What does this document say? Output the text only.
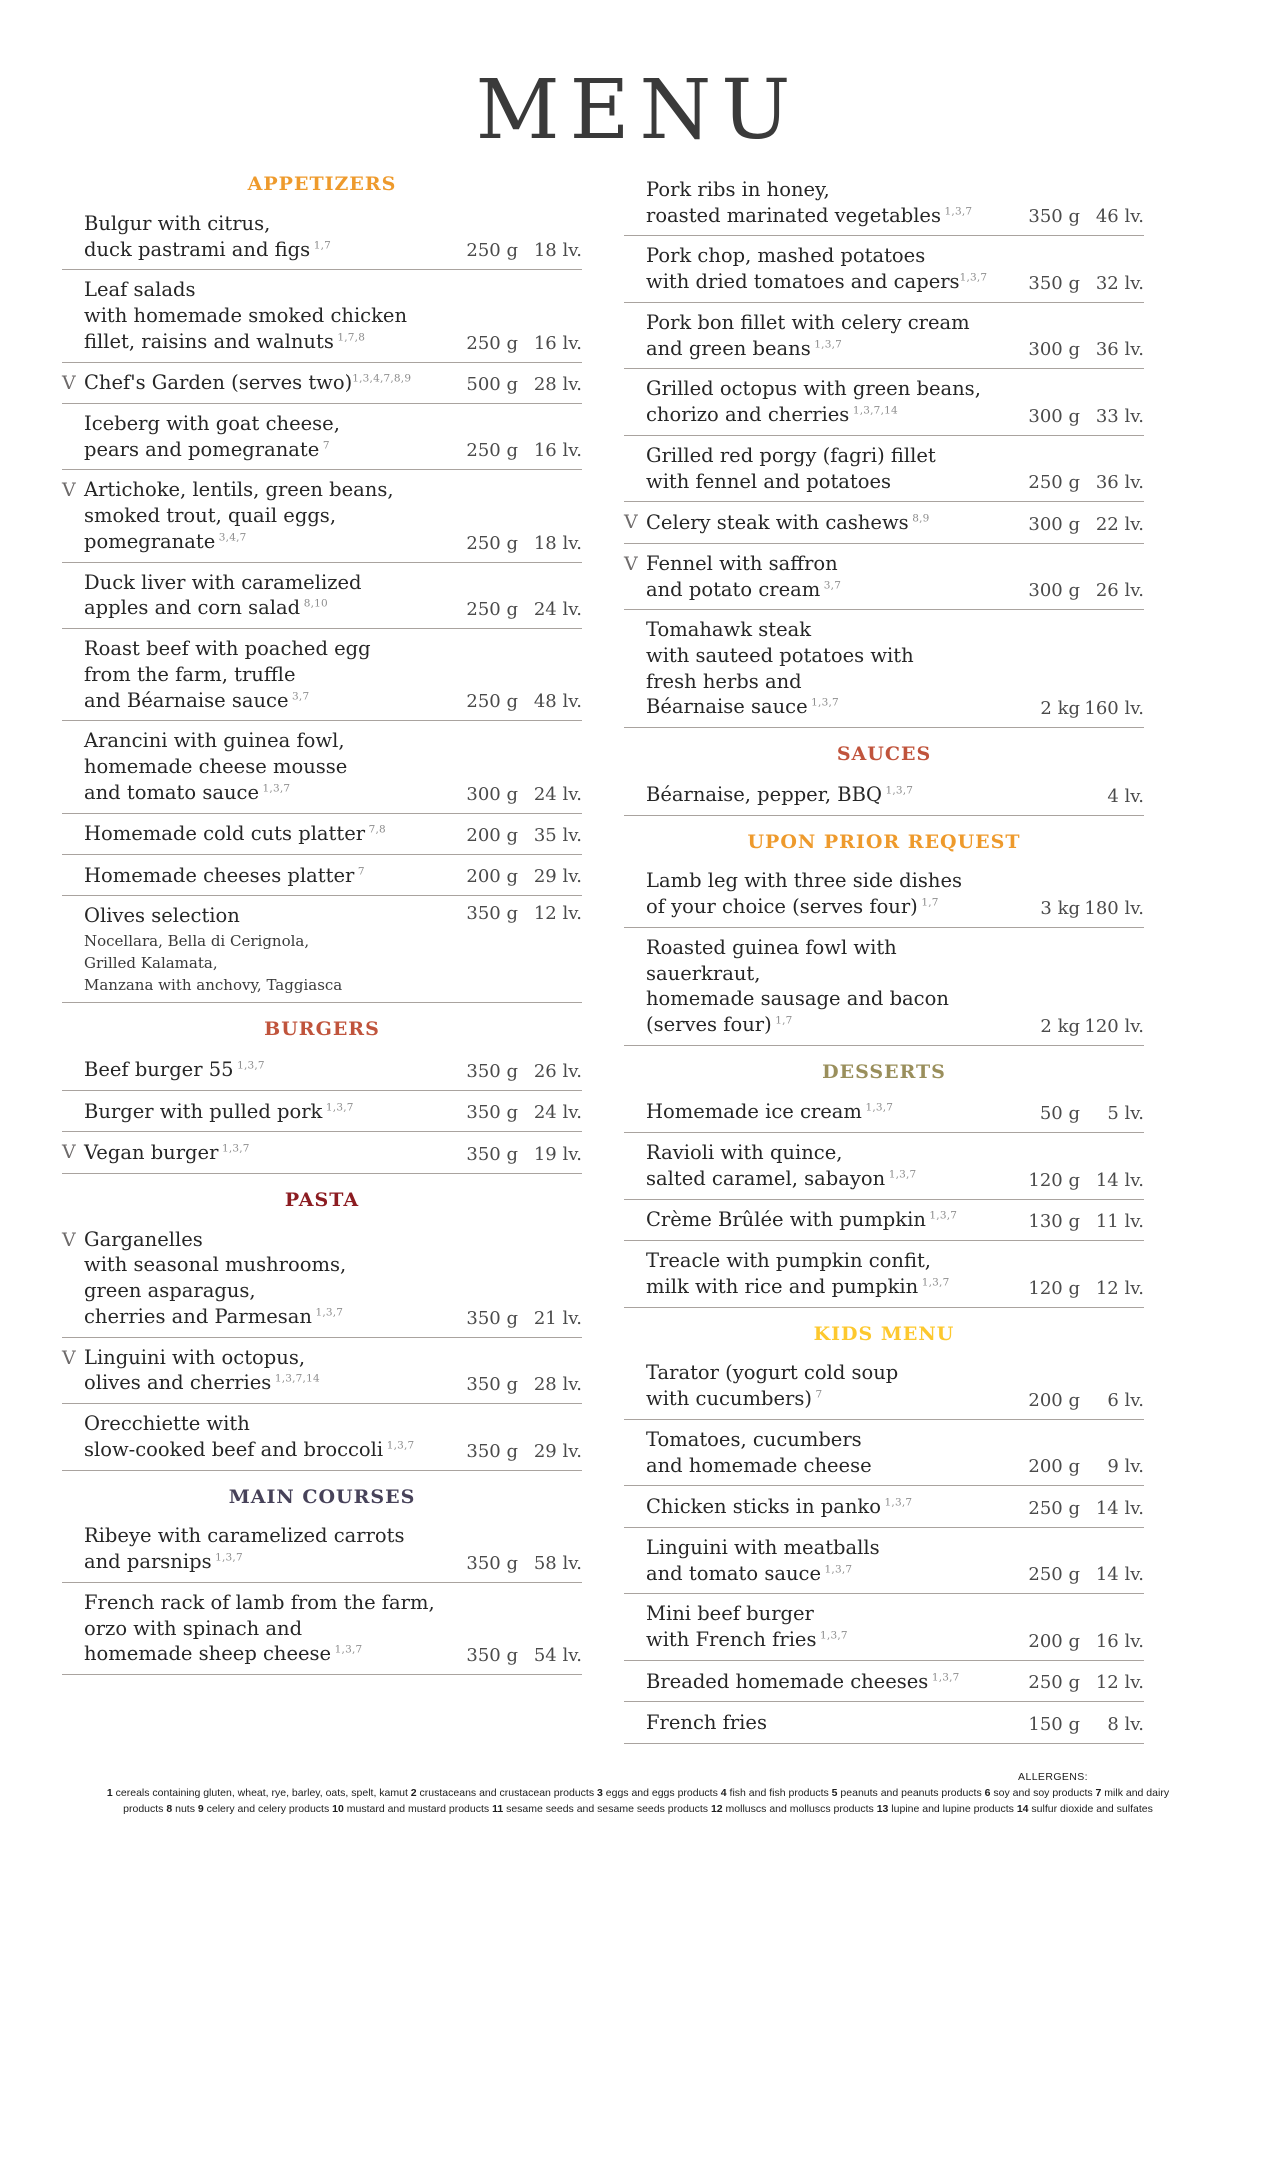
MENU
APPETIZERS
Bulgur with citrus,
duck pastrami and figs $^{1,7}$	250 g 18 lv.
Leaf salads
with homemade smoked chicken
fillet, raisins and walnuts $^{1,7,8}$	250 g 16 lv.
V Chef's Garden (serves two)$^{1,3,4,7,8,9}$	500 g 28 lv.
Iceberg with goat cheese,
pears and pomegranate $^7$	250 g 16 lv.
V Artichoke, lentils, green beans,
smoked trout, quail eggs,
pomegranate $^{3,4,7}$	250 g 18 lv.
Duck liver with caramelized
apples and corn salad $^{8,10}$	250 g 24 lv.
Roast beef with poached egg
from the farm, truffle
and Béarnaise sauce $^{3,7}$	250 g 48 lv.
Arancini with guinea fowl,
homemade cheese mousse
and tomato sauce $^{1,3,7}$	300 g 24 lv.
Homemade cold cuts platter $^{7,8}$	200 g 35 lv.
Homemade cheeses platter $^7$	200 g 29 lv.
Olives selection
Nocellara, Bella di Cerignola,
Grilled Kalamata,
Manzana with anchovy, Taggiasca
350 g 12 lv.
BURGERS
Beef burger 55 $^{1,3,7}$	350 g 26 lv.
Burger with pulled pork $^{1,3,7}$	350 g 24 lv.
V Vegan burger $^{1,3,7}$	350 g 19 lv.
PASTA
V Garganelles
with seasonal mushrooms,
green asparagus,
cherries and Parmesan $^{1,3,7}$	350 g 21 lv.
V Linguini with octopus,
olives and cherries $^{1,3,7,14}$	350 g 28 lv.
Orecchiette with
slow-cooked beef and broccoli $^{1,3,7}$	350 g 29 lv.
MAIN COURSES
Ribeye with caramelized carrots
and parsnips $^{1,3,7}$	350 g 58 lv.
French rack of lamb from the farm,
orzo with spinach and
homemade sheep cheese $^{1,3,7}$	350 g 54 lv.
Pork ribs in honey,
roasted marinated vegetables $^{1,3,7}$	350 g 46 lv.
Pork chop, mashed potatoes
with dried tomatoes and capers$^{1,3,7}$	350 g 32 lv.
Pork bon fillet with celery cream
and green beans $^{1,3,7}$	300 g 36 lv.
Grilled octopus with green beans,
chorizo and cherries $^{1,3,7,14}$	300 g 33 lv.
Grilled red porgy (fagri) fillet
with fennel and potatoes	250 g 36 lv.
V Celery steak with cashews $^{8,9}$	300 g 22 lv.
V Fennel with saffron
and potato cream $^{3,7}$	300 g 26 lv.
Tomahawk steak
with sauteed potatoes with
fresh herbs and
Béarnaise sauce $^{1,3,7}$	2 kg 160 lv.
SAUCES
Béarnaise, pepper, BBQ $^{1,3,7}$	4 lv.
UPON PRIOR REQUEST
Lamb leg with three side dishes
of your choice (serves four) $^{1,7}$	3 kg 180 lv.
Roasted guinea fowl with sauerkraut,
homemade sausage and bacon
(serves four) $^{1,7}$	2 kg 120 lv.
DESSERTS
Homemade ice cream $^{1,3,7}$	50 g	5 lv.
Ravioli with quince,
salted caramel, sabayon $^{1,3,7}$	120 g 14 lv.
Crème Brûlée with pumpkin $^{1,3,7}$	130 g 11 lv.
Treacle with pumpkin confit,
milk with rice and pumpkin $^{1,3,7}$	120 g 12 lv.
KIDS MENU
Tarator (yogurt cold soup
with cucumbers) $^7$	200 g	6 lv.
Tomatoes, cucumbers
and homemade cheese	200 g	9 lv.
Chicken sticks in panko $^{1,3,7}$	250 g 14 lv.
Linguini with meatballs
and tomato sauce $^{1,3,7}$	250 g 14 lv.
Mini beef burger
with French fries $^{1,3,7}$	200 g 16 lv.
Breaded homemade cheeses $^{1,3,7}$	250 g 12 lv.
French fries	150 g	8 lv.
ALLERGENS:
1 cereals containing gluten, wheat, rye, barley, oats, spelt, kamut 2 crustaceans and crustacean products 3 eggs and eggs products 4 fish and fish products 5 peanuts and peanuts products 6 soy and soy products 7 milk and dairy products 8 nuts 9 celery and celery products 10 mustard and mustard products 11 sesame seeds and sesame seeds products 12 molluscs and molluscs products 13 lupine and lupine products 14 sulfur dioxide and sulfates
